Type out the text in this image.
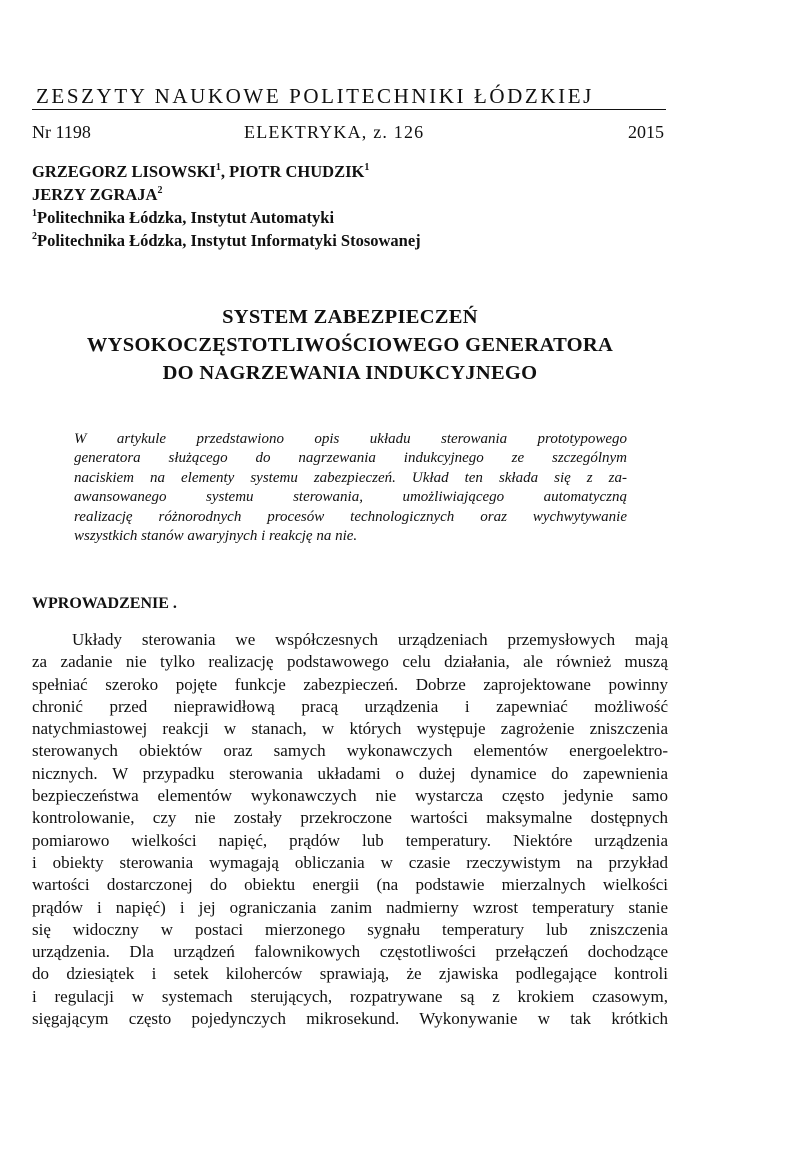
ZESZYTY NAUKOWE POLITECHNIKI ŁÓDZKIEJ
Nr 1198	ELEKTRYKA, z. 126	2015
GRZEGORZ LISOWSKI$^1$, PIOTR CHUDZIK$^1$
JERZY ZGRAJA$^2$
$^1$Politechnika Łódzka, Instytut Automatyki
$^2$Politechnika Łódzka, Instytut Informatyki Stosowanej
SYSTEM ZABEZPIECZEŃ
WYSOKOCZĘSTOTLIWOŚCIOWEGO GENERATORA
DO NAGRZEWANIA INDUKCYJNEGO
W artykule przedstawiono opis układu sterowania prototypowego
generatora służącego do nagrzewania indukcyjnego ze szczególnym
naciskiem na elementy systemu zabezpieczeń. Układ ten składa się z za-
awansowanego systemu sterowania, umożliwiającego automatyczną
realizację różnorodnych procesów technologicznych oraz wychwytywanie
wszystkich stanów awaryjnych i reakcję na nie.
WPROWADZENIE .
Układy sterowania we współczesnych urządzeniach przemysłowych mają
za zadanie nie tylko realizację podstawowego celu działania, ale również muszą
spełniać szeroko pojęte funkcje zabezpieczeń. Dobrze zaprojektowane powinny
chronić przed nieprawidłową pracą urządzenia i zapewniać możliwość
natychmiastowej reakcji w stanach, w których występuje zagrożenie zniszczenia
sterowanych obiektów oraz samych wykonawczych elementów energoelektro-
nicznych. W przypadku sterowania układami o dużej dynamice do zapewnienia
bezpieczeństwa elementów wykonawczych nie wystarcza często jedynie samo
kontrolowanie, czy nie zostały przekroczone wartości maksymalne dostępnych
pomiarowo wielkości napięć, prądów lub temperatury. Niektóre urządzenia
i obiekty sterowania wymagają obliczania w czasie rzeczywistym na przykład
wartości dostarczonej do obiektu energii (na podstawie mierzalnych wielkości
prądów i napięć) i jej ograniczania zanim nadmierny wzrost temperatury stanie
się widoczny w postaci mierzonego sygnału temperatury lub zniszczenia
urządzenia. Dla urządzeń falownikowych częstotliwości przełączeń dochodzące
do dziesiątek i setek kiloherców sprawiają, że zjawiska podlegające kontroli
i regulacji w systemach sterujących, rozpatrywane są z krokiem czasowym,
sięgającym często pojedynczych mikrosekund. Wykonywanie w tak krótkich
